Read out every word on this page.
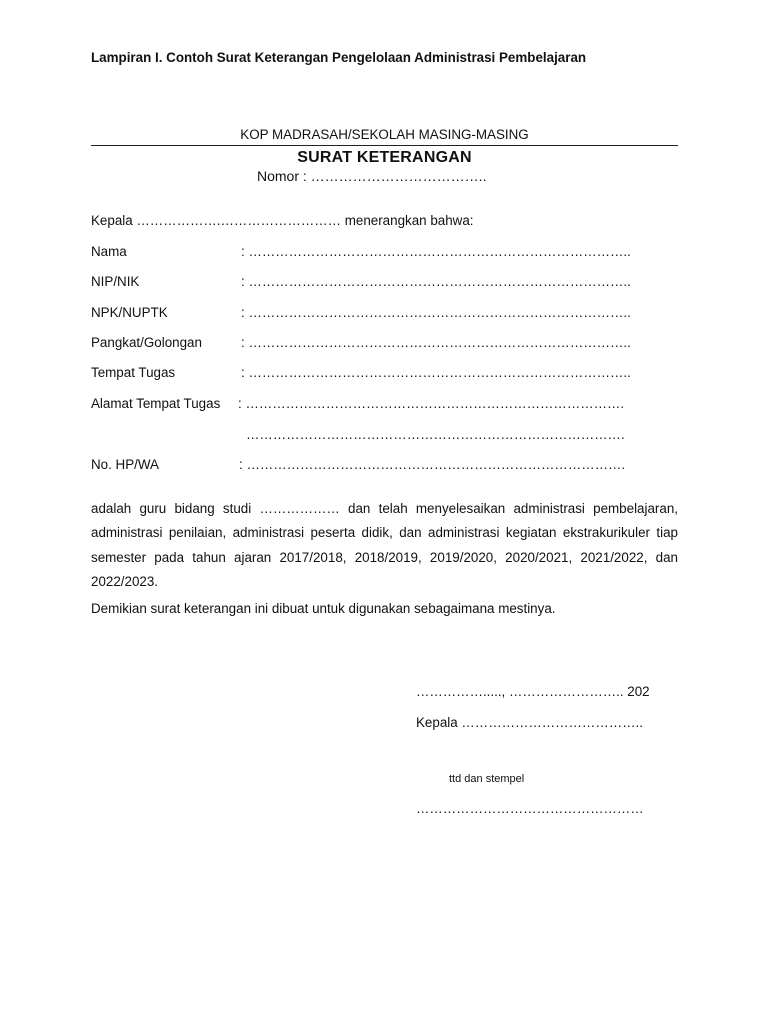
Lampiran I. Contoh Surat Keterangan Pengelolaan Administrasi Pembelajaran
KOP MADRASAH/SEKOLAH MASING-MASING
SURAT KETERANGAN
Nomor : ………………………………..
Kepala ……………….……………………… menerangkan bahwa:
Nama	: …………………………………………………………………………..
NIP/NIK	: …………………………………………………………………………..
NPK/NUPTK	: …………………………………………………………………………..
Pangkat/Golongan	: …………………………………………………………………………..
Tempat Tugas	: …………………………………………………………………………..
Alamat Tempat Tugas : ………………………………………………………………………….
………………………………………………………………………….
No. HP/WA	: ………………………………………………………………………….
adalah guru bidang studi ……………… dan telah menyelesaikan administrasi pembelajaran, administrasi penilaian, administrasi peserta didik, dan administrasi kegiatan ekstrakurikuler tiap semester pada tahun ajaran 2017/2018, 2018/2019, 2019/2020, 2020/2021, 2021/2022, dan 2022/2023.
Demikian surat keterangan ini dibuat untuk digunakan sebagaimana mestinya.
……………....., …………………….. 202
Kepala …………………………………..
ttd dan stempel
……………………………………………
